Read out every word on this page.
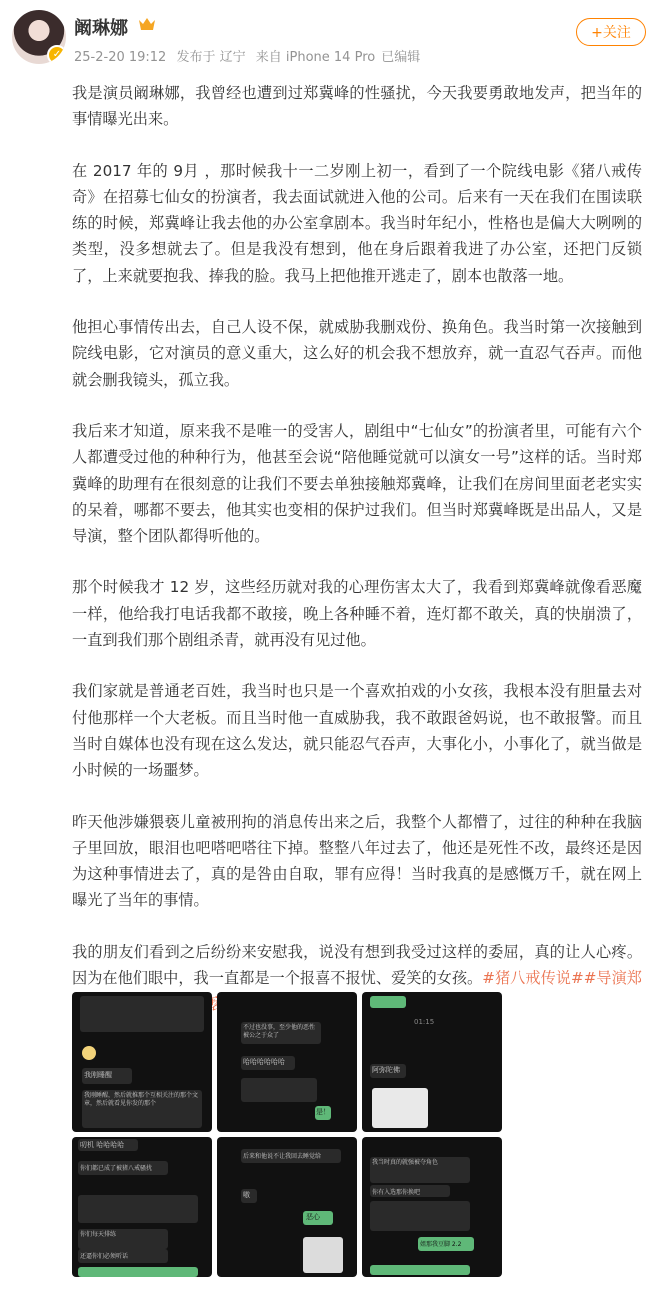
✓
阚琳娜
25-2-20 19:12 发布于 辽宁 来自 iPhone 14 Pro 已编辑
+关注

我是演员阚琳娜，我曾经也遭到过郑冀峰的性骚扰，今天我要勇敢地发声，把当年的事情曝光出来。

在 2017 年的 9月 ，那时候我十一二岁刚上初一，看到了一个院线电影《猪八戒传奇》在招募七仙女的扮演者，我去面试就进入他的公司。后来有一天在我们在围读联练的时候，郑冀峰让我去他的办公室拿剧本。我当时年纪小，性格也是偏大大咧咧的类型，没多想就去了。但是我没有想到，他在身后跟着我进了办公室，还把门反锁了，上来就要抱我、捧我的脸。我马上把他推开逃走了，剧本也散落一地。

他担心事情传出去，自己人设不保，就威胁我删戏份、换角色。我当时第一次接触到院线电影，它对演员的意义重大，这么好的机会我不想放弃，就一直忍气吞声。而他就会删我镜头，孤立我。

我后来才知道，原来我不是唯一的受害人，剧组中“七仙女”的扮演者里，可能有六个人都遭受过他的种种行为，他甚至会说“陪他睡觉就可以演女一号”这样的话。当时郑冀峰的助理有在很刻意的让我们不要去单独接触郑冀峰，让我们在房间里面老老实实的呆着，哪都不要去，他其实也变相的保护过我们。但当时郑冀峰既是出品人，又是导演，整个团队都得听他的。

那个时候我才 12 岁，这些经历就对我的心理伤害太大了，我看到郑冀峰就像看恶魔一样，他给我打电话我都不敢接，晚上各种睡不着，连灯都不敢关，真的快崩溃了，一直到我们那个剧组杀青，就再没有见过他。

我们家就是普通老百姓，我当时也只是一个喜欢拍戏的小女孩，我根本没有胆量去对付他那样一个大老板。而且当时他一直威胁我，我不敢跟爸妈说，也不敢报警。而且当时自媒体也没有现在这么发达，就只能忍气吞声，大事化小，小事化了，就当做是小时候的一场噩梦。

昨天他涉嫌猥亵儿童被刑拘的消息传出来之后，我整个人都懵了，过往的种种在我脑子里回放，眼泪也吧嗒吧嗒往下掉。整整八年过去了，他还是死性不改，最终还是因为这种事情进去了，真的是咎由自取，罪有应得！当时我真的是感慨万千，就在网上曝光了当年的事情。

我的朋友们看到之后纷纷来安慰我，说没有想到我受过这样的委屈，真的让人心疼。因为在他们眼中，我一直都是一个报喜不报忧、爱笑的女孩。#猪八戒传说##导演郑

我刚睡醒
我刚睡醒，然后就推那个互相关注的那个文章，然后就看见你发的那个
不过也没事，至少他的恶性被公之于众了
哈哈哈哈哈哈
是！
01:15
阿弥陀佛
叨机 哈哈哈哈
你们都已成了被猪八戒骚扰
你们每天排练
还逼你们必须听话
后来和他说不让我回去睡觉给
嗷
恶心
我当时真的就强被夺角色
你有入选那你换吧
姐那我豆脚 2.2
